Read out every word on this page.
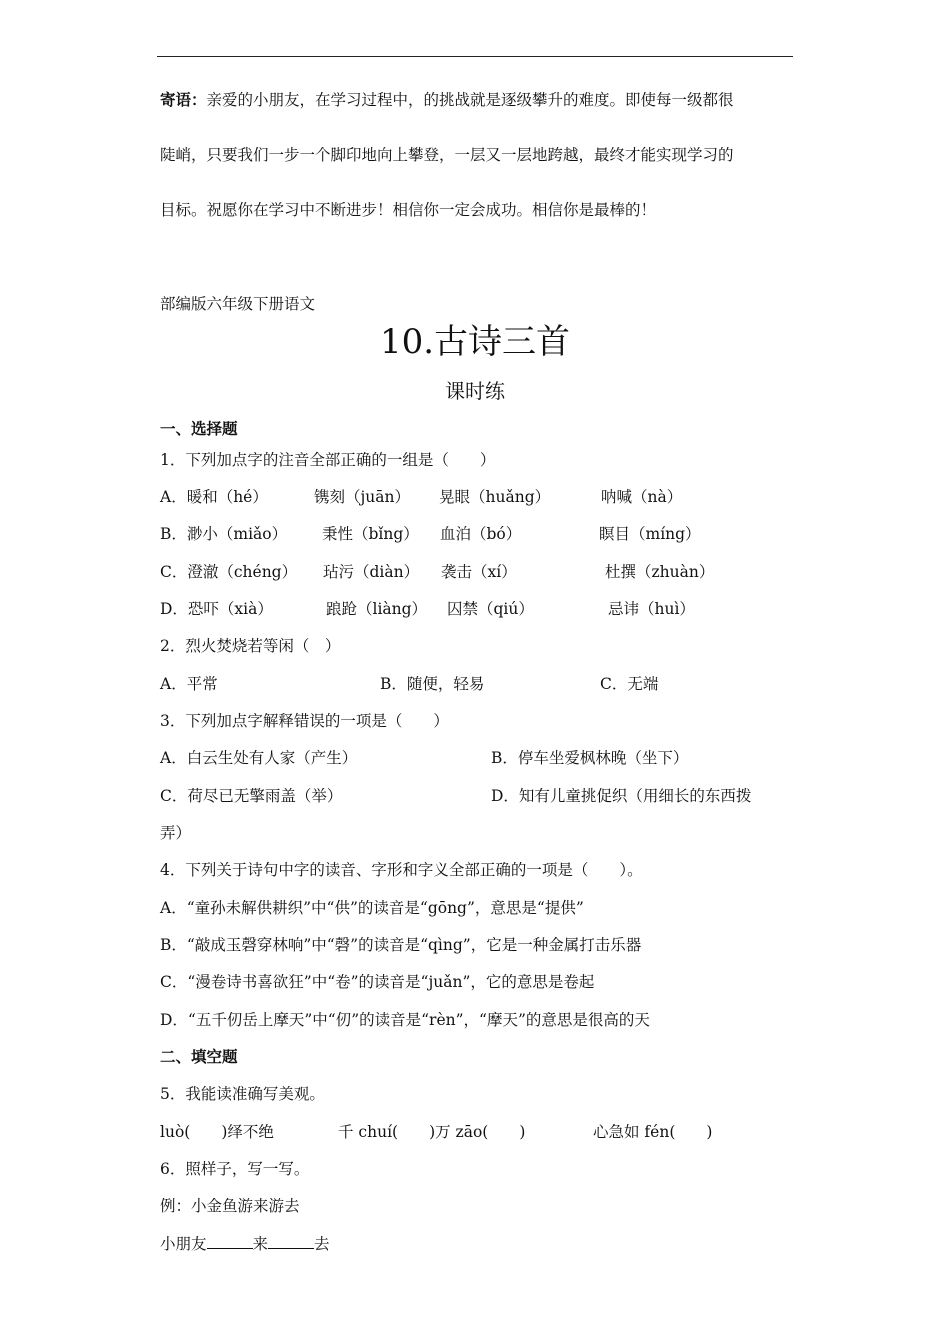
寄语：亲爱的小朋友，在学习过程中，的挑战就是逐级攀升的难度。即使每一级都很
陡峭，只要我们一步一个脚印地向上攀登，一层又一层地跨越，最终才能实现学习的
目标。祝愿你在学习中不断进步！相信你一定会成功。相信你是最棒的！
部编版六年级下册语文
10.古诗三首
课时练
一、选择题
1．下列加点字的注音全部正确的一组是（　　）
A．暖和（hé）	镌刻（juān） 晃眼（huǎng）	呐喊（nà）
B．渺小（miǎo） 秉性（bǐng） 血泊（bó）	瞑目（míng）
C．澄澈（chéng） 玷污（diàn） 袭击（xí）	杜撰（zhuàn）
D．恐吓（xià）	踉跄（liàng） 囚禁（qiú）	忌讳（huì）
2．烈火焚烧若等闲（　）
A．平常	B．随便，轻易	C．无端
3．下列加点字解释错误的一项是（　　）
A．白云生处有人家（产生）	B．停车坐爱枫林晚（坐下）
C．荷尽已无擎雨盖（举）	D．知有儿童挑促织（用细长的东西拨
弄）
4．下列关于诗句中字的读音、字形和字义全部正确的一项是（　　）。
A．“童孙未解供耕织”中“供”的读音是“gōng”，意思是“提供”
B．“敲成玉磬穿林响”中“磬”的读音是“qìng”，它是一种金属打击乐器
C．“漫卷诗书喜欲狂”中“卷”的读音是“juǎn”，它的意思是卷起
D．“五千仞岳上摩天”中“仞”的读音是“rèn”，“摩天”的意思是很高的天
二、填空题
5．我能读准确写美观。
luò(　　)绎不绝	千 chuí(　　)万 zāo(　　)	心急如 fén(　　)
6．照样子，写一写。
例：小金鱼游来游去
小朋友	来	去
